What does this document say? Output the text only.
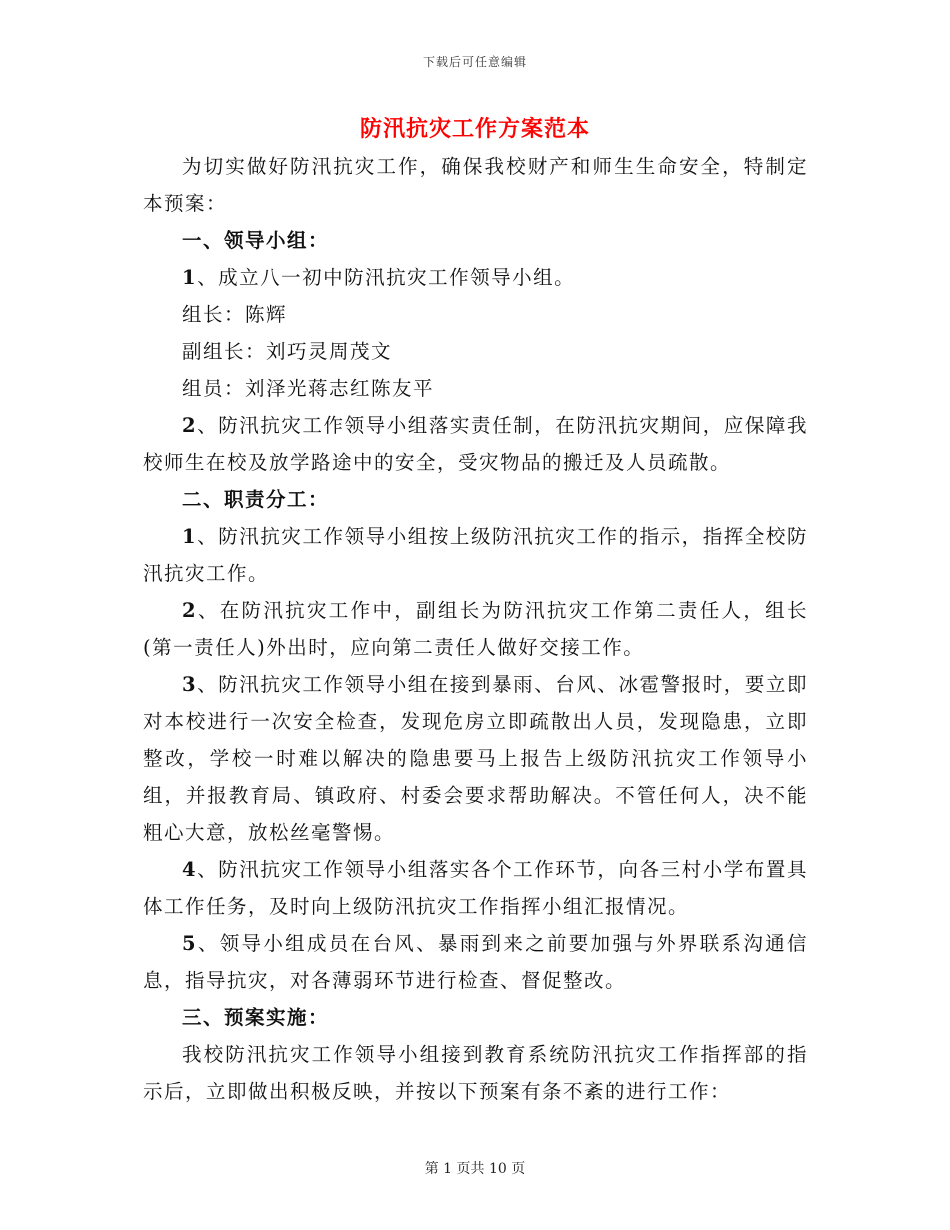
下载后可任意编辑
防汛抗灾工作方案范本

为切实做好防汛抗灾工作，确保我校财产和师生生命安全，特制定本预案：

一、领导小组：

1、成立八一初中防汛抗灾工作领导小组。

组长：陈辉

副组长：刘巧灵周茂文

组员：刘泽光蒋志红陈友平

2、防汛抗灾工作领导小组落实责任制，在防汛抗灾期间，应保障我校师生在校及放学路途中的安全，受灾物品的搬迁及人员疏散。

二、职责分工：

1、防汛抗灾工作领导小组按上级防汛抗灾工作的指示，指挥全校防汛抗灾工作。

2、在防汛抗灾工作中，副组长为防汛抗灾工作第二责任人，组长(第一责任人)外出时，应向第二责任人做好交接工作。

3、防汛抗灾工作领导小组在接到暴雨、台风、冰雹警报时，要立即对本校进行一次安全检查，发现危房立即疏散出人员，发现隐患，立即整改，学校一时难以解决的隐患要马上报告上级防汛抗灾工作领导小组，并报教育局、镇政府、村委会要求帮助解决。不管任何人，决不能粗心大意，放松丝毫警惕。

4、防汛抗灾工作领导小组落实各个工作环节，向各三村小学布置具体工作任务，及时向上级防汛抗灾工作指挥小组汇报情况。

5、领导小组成员在台风、暴雨到来之前要加强与外界联系沟通信息，指导抗灾，对各薄弱环节进行检查、督促整改。

三、预案实施：

我校防汛抗灾工作领导小组接到教育系统防汛抗灾工作指挥部的指示后，立即做出积极反映，并按以下预案有条不紊的进行工作：

第 1 页共 10 页
